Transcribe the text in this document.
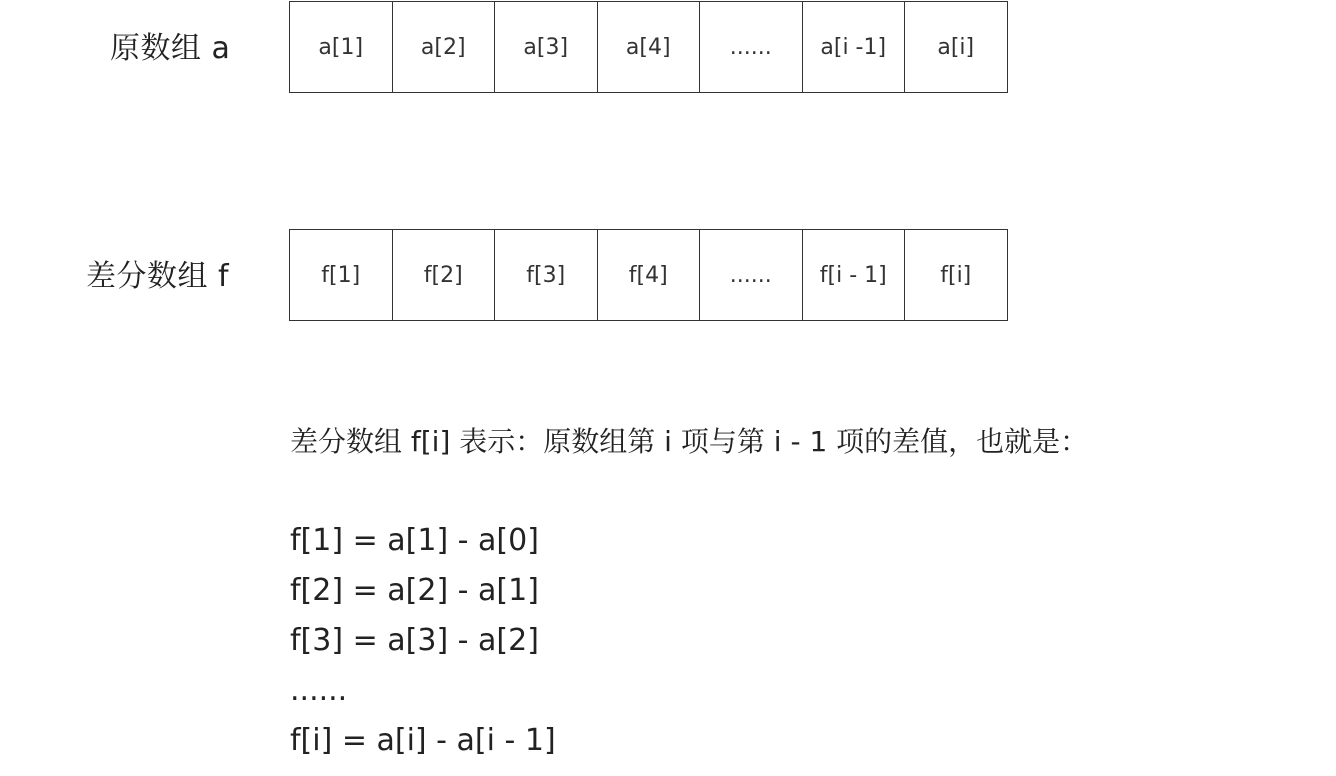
原数组 a	a[1]	a[2]	a[3]	a[4]	......	a[i -1]	a[i]
差分数组 f	f[1]	f[2]	f[3]	f[4]	......	f[i - 1]	f[i]
差分数组 f[i] 表示：原数组第 i 项与第 i - 1 项的差值，也就是：
f[1] = a[1] - a[0]
f[2] = a[2] - a[1]
f[3] = a[3] - a[2]
......
f[i] = a[i] - a[i - 1]
